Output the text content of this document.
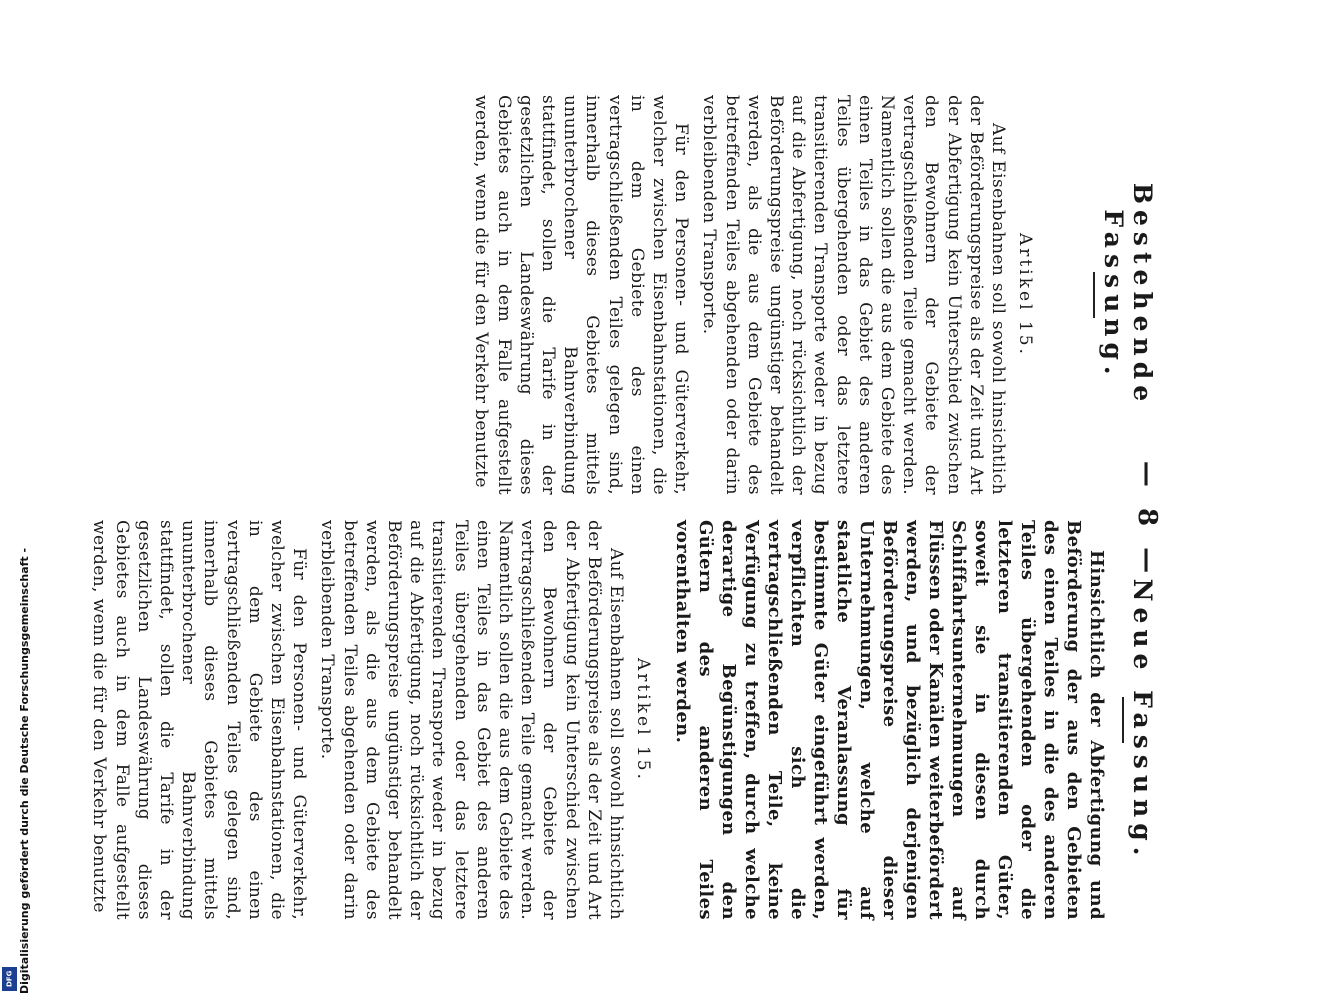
— 8 —
Bestehende Fassung.
Artikel 15.

Auf Eisenbahnen soll sowohl hinsichtlich der Beförderungspreise als der Zeit und Art der Abfertigung kein Unterschied zwischen den Bewohnern der Gebiete der vertragschließenden Teile gemacht werden. Namentlich sollen die aus dem Gebiete des einen Teiles in das Gebiet des anderen Teiles übergehenden oder das letztere transitierenden Transporte weder in bezug auf die Abfertigung, noch rücksichtlich der Beförderungspreise ungünstiger behandelt werden, als die aus dem Gebiete des betreffenden Teiles abgehenden oder darin verbleibenden Transporte.

Für den Personen- und Güterverkehr, welcher zwischen Eisenbahnstationen, die in dem Gebiete des einen vertragschließenden Teiles gelegen sind, innerhalb dieses Gebietes mittels ununterbrochener Bahnverbindung stattfindet, sollen die Tarife in der gesetzlichen Landeswährung dieses Gebietes auch in dem Falle aufgestellt werden, wenn die für den Verkehr benutzte

Neue Fassung.

Hinsichtlich der Abfertigung und Beförderung der aus den Gebieten des einen Teiles in die des anderen Teiles übergehenden oder die letzteren transitierenden Güter, soweit sie in diesen durch Schiffahrtsunternehmungen auf Flüssen oder Kanälen weiterbefördert werden, und bezüglich derjenigen Beförderungspreise dieser Unternehmungen, welche auf staatliche Veranlassung für bestimmte Güter eingeführt werden, verpflichten sich die vertragschließenden Teile, keine Verfügung zu treffen, durch welche derartige Begünstigungen den Gütern des anderen Teiles vorenthalten werden.

Artikel 15.

Auf Eisenbahnen soll sowohl hinsichtlich der Beförderungspreise als der Zeit und Art der Abfertigung kein Unterschied zwischen den Bewohnern der Gebiete der vertragschließenden Teile gemacht werden. Namentlich sollen die aus dem Gebiete des einen Teiles in das Gebiet des anderen Teiles übergehenden oder das letztere transitierenden Transporte weder in bezug auf die Abfertigung, noch rücksichtlich der Beförderungspreise ungünstiger behandelt werden, als die aus dem Gebiete des betreffenden Teiles abgehenden oder darin verbleibenden Transporte.

Für den Personen- und Güterverkehr, welcher zwischen Eisenbahnstationen, die in dem Gebiete des einen vertragschließenden Teiles gelegen sind, innerhalb dieses Gebietes mittels ununterbrochener Bahnverbindung stattfindet, sollen die Tarife in der gesetzlichen Landeswährung dieses Gebietes auch in dem Falle aufgestellt werden, wenn die für den Verkehr benutzte

Digitalisierung gefördert durch die Deutsche Forschungsgemeinschaft -
DFG
